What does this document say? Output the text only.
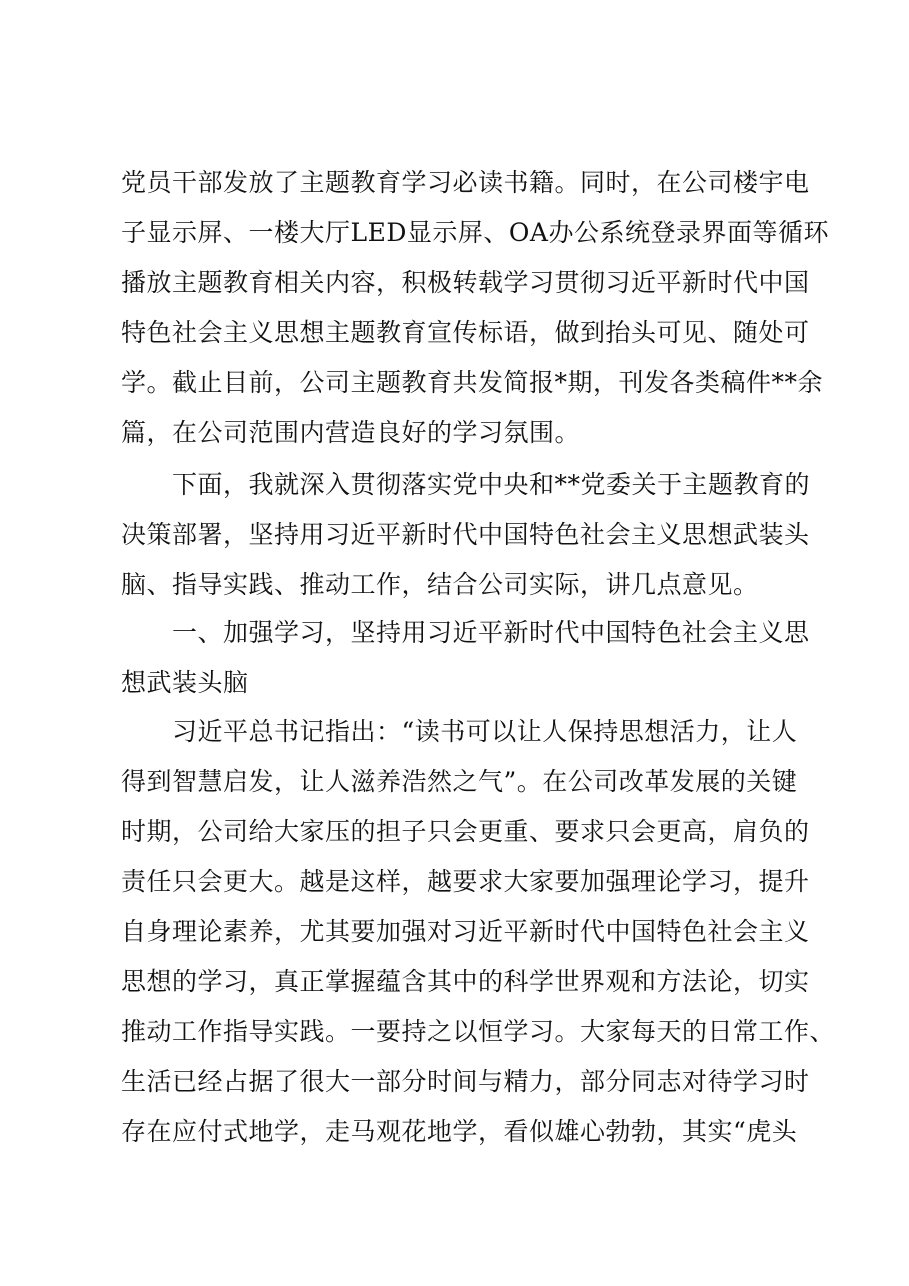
党员干部发放了主题教育学习必读书籍。同时，在公司楼宇电
子显示屏、一楼大厅LED显示屏、OA办公系统登录界面等循环
播放主题教育相关内容，积极转载学习贯彻习近平新时代中国
特色社会主义思想主题教育宣传标语，做到抬头可见、随处可
学。截止目前，公司主题教育共发简报*期，刊发各类稿件**余
篇，在公司范围内营造良好的学习氛围。
下面，我就深入贯彻落实党中央和**党委关于主题教育的
决策部署，坚持用习近平新时代中国特色社会主义思想武装头
脑、指导实践、推动工作，结合公司实际，讲几点意见。
一、加强学习，坚持用习近平新时代中国特色社会主义思
想武装头脑
习近平总书记指出：“读书可以让人保持思想活力，让人
得到智慧启发，让人滋养浩然之气”。在公司改革发展的关键
时期，公司给大家压的担子只会更重、要求只会更高，肩负的
责任只会更大。越是这样，越要求大家要加强理论学习，提升
自身理论素养，尤其要加强对习近平新时代中国特色社会主义
思想的学习，真正掌握蕴含其中的科学世界观和方法论，切实
推动工作指导实践。一要持之以恒学习。大家每天的日常工作、
生活已经占据了很大一部分时间与精力，部分同志对待学习时
存在应付式地学，走马观花地学，看似雄心勃勃，其实“虎头
